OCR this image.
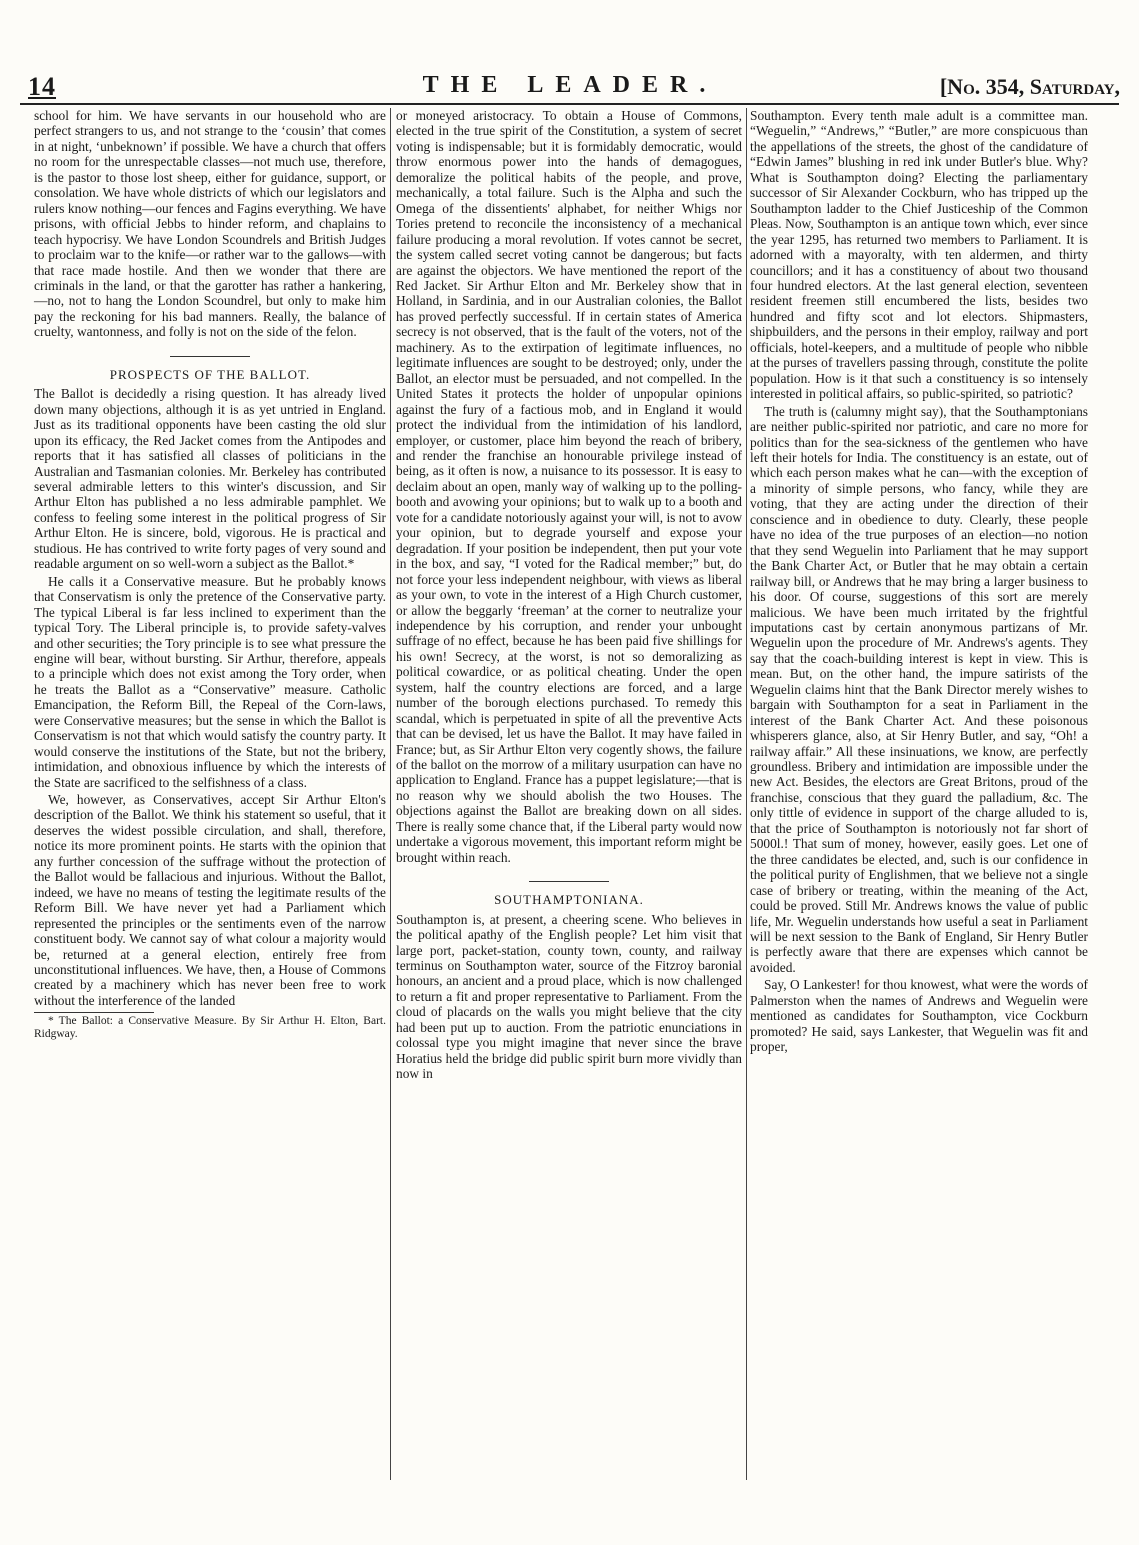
14	THE LEADER.	[No. 354, Saturday,

school for him. We have servants in our household who are perfect strangers to us, and not strange to the ‘cousin’ that comes in at night, ‘unbeknown’ if possible. We have a church that offers no room for the unrespectable classes—not much use, therefore, is the pastor to those lost sheep, either for guidance, support, or consolation. We have whole districts of which our legislators and rulers know nothing—our fences and Fagins everything. We have prisons, with official Jebbs to hinder reform, and chaplains to teach hypocrisy. We have London Scoundrels and British Judges to proclaim war to the knife—or rather war to the gallows—with that race made hostile. And then we wonder that there are criminals in the land, or that the garotter has rather a hankering,—no, not to hang the London Scoundrel, but only to make him pay the reckoning for his bad manners. Really, the balance of cruelty, wantonness, and folly is not on the side of the felon.

PROSPECTS OF THE BALLOT.

The Ballot is decidedly a rising question. It has already lived down many objections, although it is as yet untried in England. Just as its traditional opponents have been casting the old slur upon its efficacy, the Red Jacket comes from the Antipodes and reports that it has satisfied all classes of politicians in the Australian and Tasmanian colonies. Mr. Berkeley has contributed several admirable letters to this winter's discussion, and Sir Arthur Elton has published a no less admirable pamphlet. We confess to feeling some interest in the political progress of Sir Arthur Elton. He is sincere, bold, vigorous. He is practical and studious. He has contrived to write forty pages of very sound and readable argument on so well-worn a subject as the Ballot.*

He calls it a Conservative measure. But he probably knows that Conservatism is only the pretence of the Conservative party. The typical Liberal is far less inclined to experiment than the typical Tory. The Liberal principle is, to provide safety-valves and other securities; the Tory principle is to see what pressure the engine will bear, without bursting. Sir Arthur, therefore, appeals to a principle which does not exist among the Tory order, when he treats the Ballot as a “Conservative” measure. Catholic Emancipation, the Reform Bill, the Repeal of the Corn-laws, were Conservative measures; but the sense in which the Ballot is Conservatism is not that which would satisfy the country party. It would conserve the institutions of the State, but not the bribery, intimidation, and obnoxious influence by which the interests of the State are sacrificed to the selfishness of a class.

We, however, as Conservatives, accept Sir Arthur Elton's description of the Ballot. We think his statement so useful, that it deserves the widest possible circulation, and shall, therefore, notice its more prominent points. He starts with the opinion that any further concession of the suffrage without the protection of the Ballot would be fallacious and injurious. Without the Ballot, indeed, we have no means of testing the legitimate results of the Reform Bill. We have never yet had a Parliament which represented the principles or the sentiments even of the narrow constituent body. We cannot say of what colour a majority would be, returned at a general election, entirely free from unconstitutional influences. We have, then, a House of Commons created by a machinery which has never been free to work without the interference of the landed

* The Ballot: a Conservative Measure. By Sir Arthur H. Elton, Bart. Ridgway.

or moneyed aristocracy. To obtain a House of Commons, elected in the true spirit of the Constitution, a system of secret voting is indispensable; but it is formidably democratic, would throw enormous power into the hands of demagogues, demoralize the political habits of the people, and prove, mechanically, a total failure. Such is the Alpha and such the Omega of the dissentients' alphabet, for neither Whigs nor Tories pretend to reconcile the inconsistency of a mechanical failure producing a moral revolution. If votes cannot be secret, the system called secret voting cannot be dangerous; but facts are against the objectors. We have mentioned the report of the Red Jacket. Sir Arthur Elton and Mr. Berkeley show that in Holland, in Sardinia, and in our Australian colonies, the Ballot has proved perfectly successful. If in certain states of America secrecy is not observed, that is the fault of the voters, not of the machinery. As to the extirpation of legitimate influences, no legitimate influences are sought to be destroyed; only, under the Ballot, an elector must be persuaded, and not compelled. In the United States it protects the holder of unpopular opinions against the fury of a factious mob, and in England it would protect the individual from the intimidation of his landlord, employer, or customer, place him beyond the reach of bribery, and render the franchise an honourable privilege instead of being, as it often is now, a nuisance to its possessor. It is easy to declaim about an open, manly way of walking up to the polling-booth and avowing your opinions; but to walk up to a booth and vote for a candidate notoriously against your will, is not to avow your opinion, but to degrade yourself and expose your degradation. If your position be independent, then put your vote in the box, and say, “I voted for the Radical member;” but, do not force your less independent neighbour, with views as liberal as your own, to vote in the interest of a High Church customer, or allow the beggarly ‘freeman’ at the corner to neutralize your independence by his corruption, and render your unbought suffrage of no effect, because he has been paid five shillings for his own! Secrecy, at the worst, is not so demoralizing as political cowardice, or as political cheating. Under the open system, half the country elections are forced, and a large number of the borough elections purchased. To remedy this scandal, which is perpetuated in spite of all the preventive Acts that can be devised, let us have the Ballot. It may have failed in France; but, as Sir Arthur Elton very cogently shows, the failure of the ballot on the morrow of a military usurpation can have no application to England. France has a puppet legislature;—that is no reason why we should abolish the two Houses. The objections against the Ballot are breaking down on all sides. There is really some chance that, if the Liberal party would now undertake a vigorous movement, this important reform might be brought within reach.

SOUTHAMPTONIANA.

Southampton is, at present, a cheering scene. Who believes in the political apathy of the English people? Let him visit that large port, packet-station, county town, county, and railway terminus on Southampton water, source of the Fitzroy baronial honours, an ancient and a proud place, which is now challenged to return a fit and proper representative to Parliament. From the cloud of placards on the walls you might believe that the city had been put up to auction. From the patriotic enunciations in colossal type you might imagine that never since the brave Horatius held the bridge did public spirit burn more vividly than now in

Southampton. Every tenth male adult is a committee man. “Weguelin,” “Andrews,” “Butler,” are more conspicuous than the appellations of the streets, the ghost of the candidature of “Edwin James” blushing in red ink under Butler's blue. Why? What is Southampton doing? Electing the parliamentary successor of Sir Alexander Cockburn, who has tripped up the Southampton ladder to the Chief Justiceship of the Common Pleas. Now, Southampton is an antique town which, ever since the year 1295, has returned two members to Parliament. It is adorned with a mayoralty, with ten aldermen, and thirty councillors; and it has a constituency of about two thousand four hundred electors. At the last general election, seventeen resident freemen still encumbered the lists, besides two hundred and fifty scot and lot electors. Shipmasters, shipbuilders, and the persons in their employ, railway and port officials, hotel-keepers, and a multitude of people who nibble at the purses of travellers passing through, constitute the polite population. How is it that such a constituency is so intensely interested in political affairs, so public-spirited, so patriotic?

The truth is (calumny might say), that the Southamptonians are neither public-spirited nor patriotic, and care no more for politics than for the sea-sickness of the gentlemen who have left their hotels for India. The constituency is an estate, out of which each person makes what he can—with the exception of a minority of simple persons, who fancy, while they are voting, that they are acting under the direction of their conscience and in obedience to duty. Clearly, these people have no idea of the true purposes of an election—no notion that they send Weguelin into Parliament that he may support the Bank Charter Act, or Butler that he may obtain a certain railway bill, or Andrews that he may bring a larger business to his door. Of course, suggestions of this sort are merely malicious. We have been much irritated by the frightful imputations cast by certain anonymous partizans of Mr. Weguelin upon the procedure of Mr. Andrews's agents. They say that the coach-building interest is kept in view. This is mean. But, on the other hand, the impure satirists of the Weguelin claims hint that the Bank Director merely wishes to bargain with Southampton for a seat in Parliament in the interest of the Bank Charter Act. And these poisonous whisperers glance, also, at Sir Henry Butler, and say, “Oh! a railway affair.” All these insinuations, we know, are perfectly groundless. Bribery and intimidation are impossible under the new Act. Besides, the electors are Great Britons, proud of the franchise, conscious that they guard the palladium, &c. The only tittle of evidence in support of the charge alluded to is, that the price of Southampton is notoriously not far short of 5000l.! That sum of money, however, easily goes. Let one of the three candidates be elected, and, such is our confidence in the political purity of Englishmen, that we believe not a single case of bribery or treating, within the meaning of the Act, could be proved. Still Mr. Andrews knows the value of public life, Mr. Weguelin understands how useful a seat in Parliament will be next session to the Bank of England, Sir Henry Butler is perfectly aware that there are expenses which cannot be avoided.

Say, O Lankester! for thou knowest, what were the words of Palmerston when the names of Andrews and Weguelin were mentioned as candidates for Southampton, vice Cockburn promoted? He said, says Lankester, that Weguelin was fit and proper,
